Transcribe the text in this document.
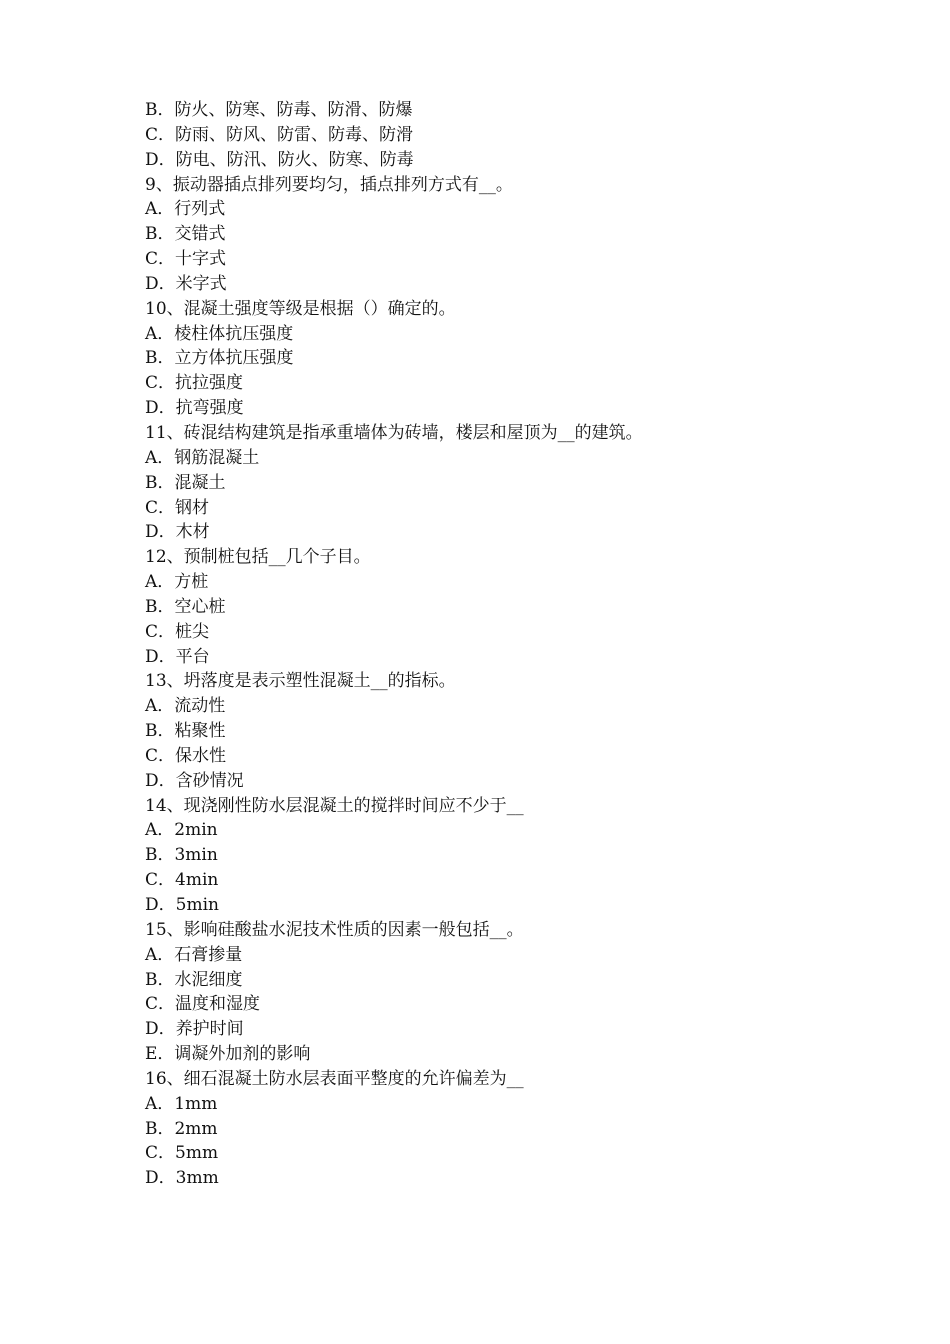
B．防火、防寒、防毒、防滑、防爆

C．防雨、防风、防雷、防毒、防滑

D．防电、防汛、防火、防寒、防毒

9、振动器插点排列要均匀，插点排列方式有__。

A．行列式

B．交错式

C．十字式

D．米字式

10、混凝土强度等级是根据（）确定的。

A．棱柱体抗压强度

B．立方体抗压强度

C．抗拉强度

D．抗弯强度

11、砖混结构建筑是指承重墙体为砖墙，楼层和屋顶为__的建筑。

A．钢筋混凝土

B．混凝土

C．钢材

D．木材

12、预制桩包括__几个子目。

A．方桩

B．空心桩

C．桩尖

D．平台

13、坍落度是表示塑性混凝土__的指标。

A．流动性

B．粘聚性

C．保水性

D．含砂情况

14、现浇刚性防水层混凝土的搅拌时间应不少于__

A．2min

B．3min

C．4min

D．5min

15、影响硅酸盐水泥技术性质的因素一般包括__。

A．石膏掺量

B．水泥细度

C．温度和湿度

D．养护时间

E．调凝外加剂的影响

16、细石混凝土防水层表面平整度的允许偏差为__

A．1mm

B．2mm

C．5mm

D．3mm
